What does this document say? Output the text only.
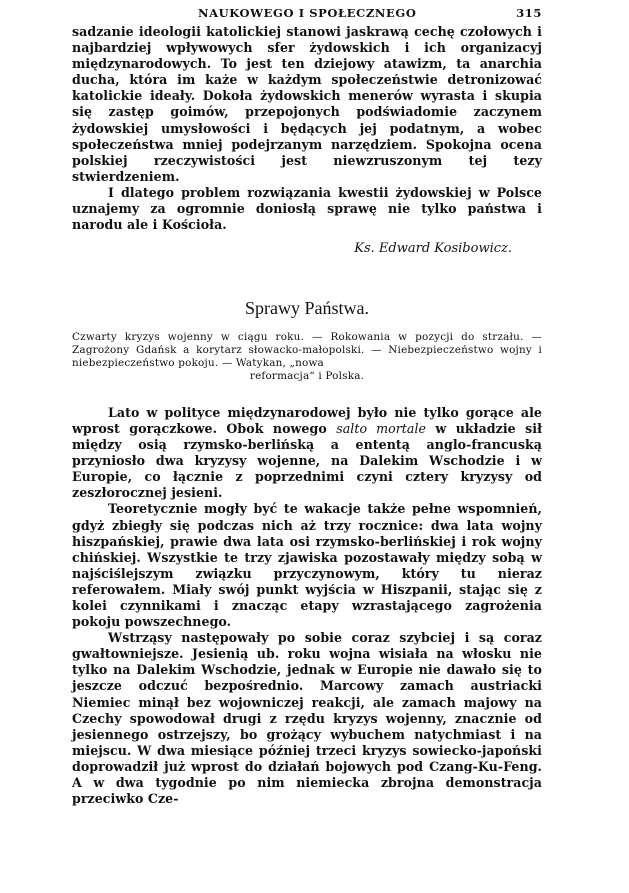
NAUKOWEGO I SPOŁECZNEGO	315

sadzanie ideologii katolickiej stanowi jaskrawą cechę czołowych i najbardziej wpływowych sfer żydowskich i ich organizacyj międzynarodowych. To jest ten dziejowy atawizm, ta anarchia ducha, która im każe w każdym społeczeństwie detronizować katolickie ideały. Dokoła żydowskich menerów wyrasta i skupia się zastęp goimów, przepojonych podświadomie zaczynem żydowskiej umysłowości i będących jej podatnym, a wobec społeczeństwa mniej podejrzanym narzędziem. Spokojna ocena polskiej rzeczywistości jest niewzruszonym tej tezy stwierdzeniem.

I dlatego problem rozwiązania kwestii żydowskiej w Polsce uznajemy za ogromnie doniosłą sprawę nie tylko państwa i narodu ale i Kościoła.

Ks. Edward Kosibowicz.

Sprawy Państwa.
Czwarty kryzys wojenny w ciągu roku. — Rokowania w pozycji do strzału. — Zagrożony Gdańsk a korytarz słowacko-małopolski. — Niebezpieczeństwo wojny i niebezpieczeństwo pokoju. — Watykan, „nowa
reformacja“ i Polska.

Lato w polityce międzynarodowej było nie tylko gorące ale wprost gorączkowe. Obok nowego salto mortale w układzie sił między osią rzymsko-berlińską a ententą anglo-francuską przyniosło dwa kryzysy wojenne, na Dalekim Wschodzie i w Europie, co łącznie z poprzednimi czyni cztery kryzysy od zeszłorocznej jesieni.

Teoretycznie mogły być te wakacje także pełne wspomnień, gdyż zbiegły się podczas nich aż trzy rocznice: dwa lata wojny hiszpańskiej, prawie dwa lata osi rzymsko-berlińskiej i rok wojny chińskiej. Wszystkie te trzy zjawiska pozostawały między sobą w najściślejszym związku przyczynowym, który tu nieraz referowałem. Miały swój punkt wyjścia w Hiszpanii, stając się z kolei czynnikami i znacząc etapy wzrastającego zagrożenia pokoju powszechnego.

Wstrząsy następowały po sobie coraz szybciej i są coraz gwałtowniejsze. Jesienią ub. roku wojna wisiała na włosku nie tylko na Dalekim Wschodzie, jednak w Europie nie dawało się to jeszcze odczuć bezpośrednio. Marcowy zamach austriacki Niemiec minął bez wojowniczej reakcji, ale zamach majowy na Czechy spowodował drugi z rzędu kryzys wojenny, znacznie od jesiennego ostrzejszy, bo grożący wybuchem natychmiast i na miejscu. W dwa miesiące później trzeci kryzys sowiecko-japoński doprowadził już wprost do działań bojowych pod Czang-Ku-Feng. A w dwa tygodnie po nim niemiecka zbrojna demonstracja przeciwko Cze-
